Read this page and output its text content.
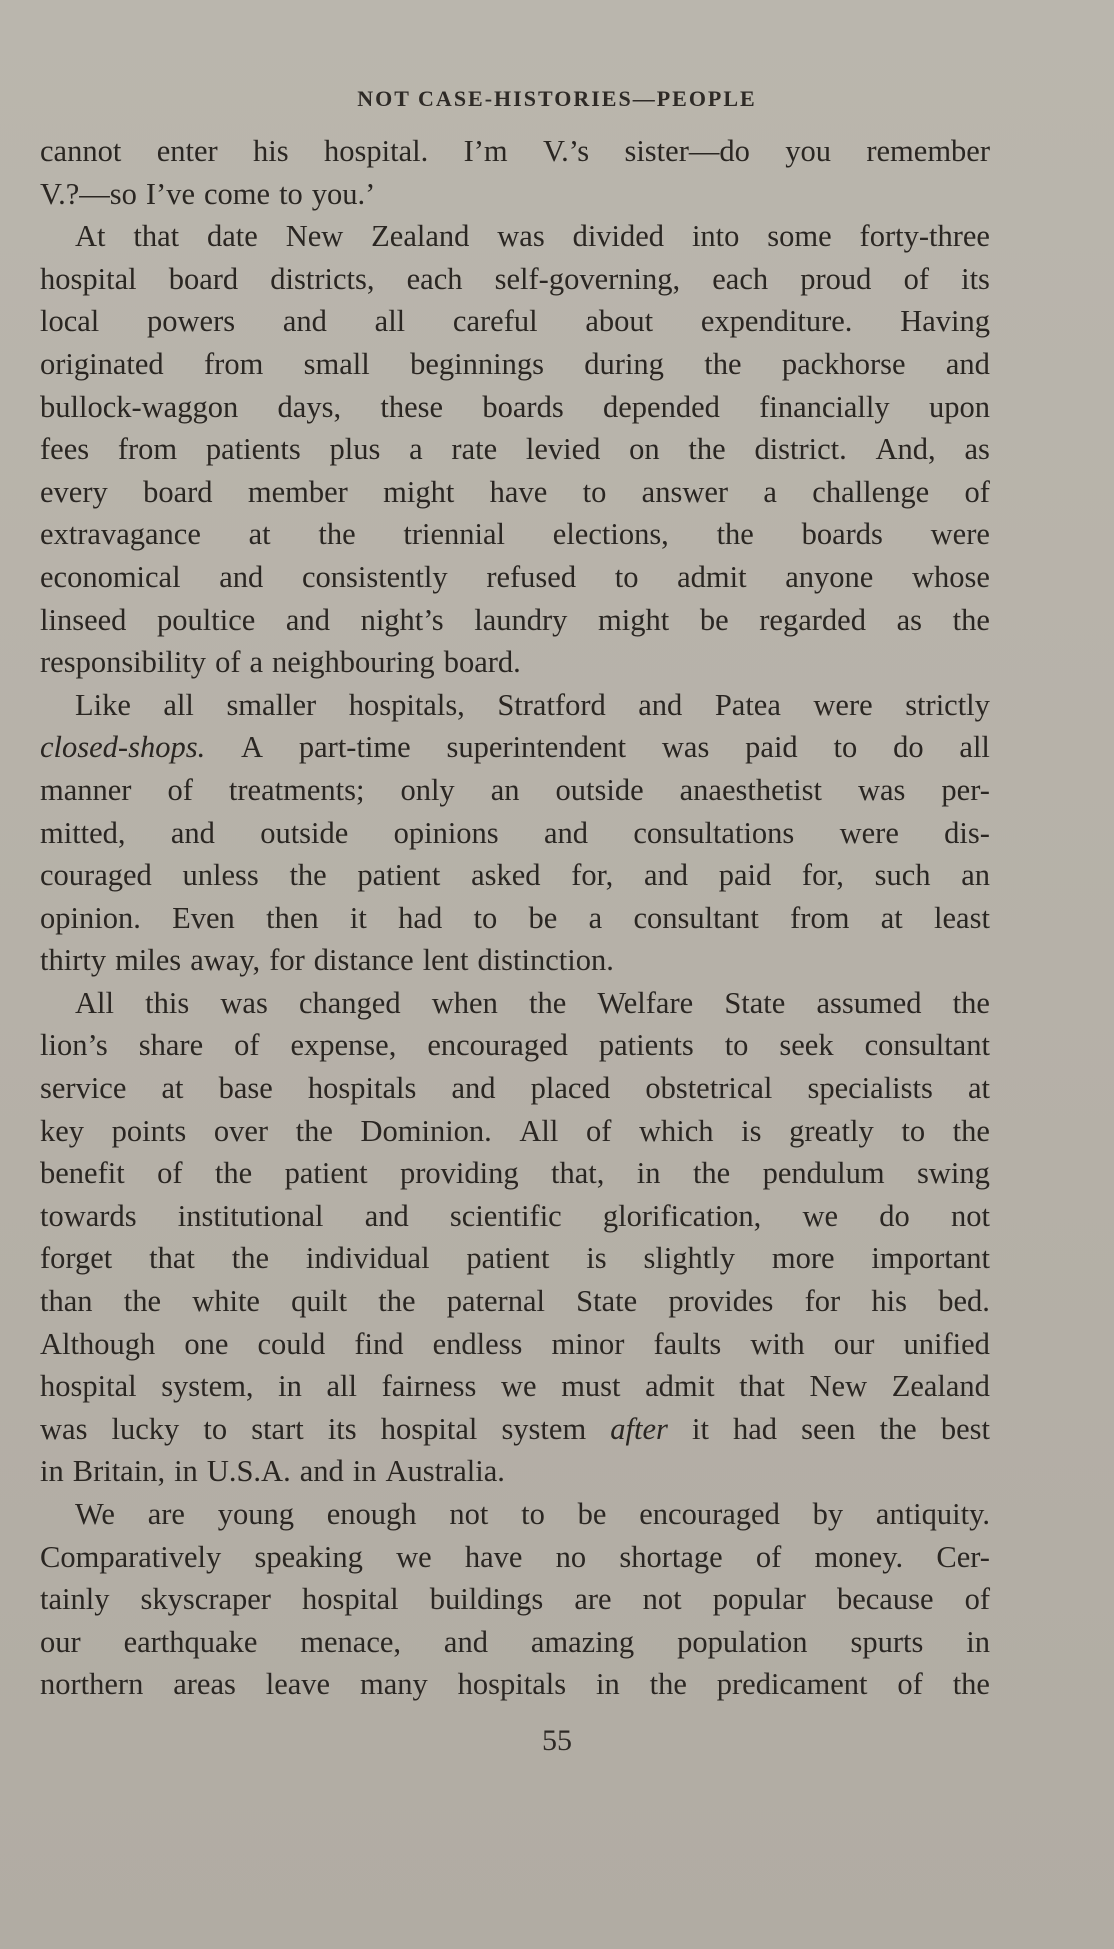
NOT CASE-HISTORIES—PEOPLE
cannot enter his hospital. I’m V.’s sister—do you remember
V.?—so I’ve come to you.’
At that date New Zealand was divided into some forty-three
hospital board districts, each self-governing, each proud of its
local powers and all careful about expenditure. Having
originated from small beginnings during the packhorse and
bullock-waggon days, these boards depended financially upon
fees from patients plus a rate levied on the district. And, as
every board member might have to answer a challenge of
extravagance at the triennial elections, the boards were
economical and consistently refused to admit anyone whose
linseed poultice and night’s laundry might be regarded as the
responsibility of a neighbouring board.
Like all smaller hospitals, Stratford and Patea were strictly
closed-shops. A part-time superintendent was paid to do all
manner of treatments; only an outside anaesthetist was per-
mitted, and outside opinions and consultations were dis-
couraged unless the patient asked for, and paid for, such an
opinion. Even then it had to be a consultant from at least
thirty miles away, for distance lent distinction.
All this was changed when the Welfare State assumed the
lion’s share of expense, encouraged patients to seek consultant
service at base hospitals and placed obstetrical specialists at
key points over the Dominion. All of which is greatly to the
benefit of the patient providing that, in the pendulum swing
towards institutional and scientific glorification, we do not
forget that the individual patient is slightly more important
than the white quilt the paternal State provides for his bed.
Although one could find endless minor faults with our unified
hospital system, in all fairness we must admit that New Zealand
was lucky to start its hospital system after it had seen the best
in Britain, in U.S.A. and in Australia.
We are young enough not to be encouraged by antiquity.
Comparatively speaking we have no shortage of money. Cer-
tainly skyscraper hospital buildings are not popular because of
our earthquake menace, and amazing population spurts in
northern areas leave many hospitals in the predicament of the
55
